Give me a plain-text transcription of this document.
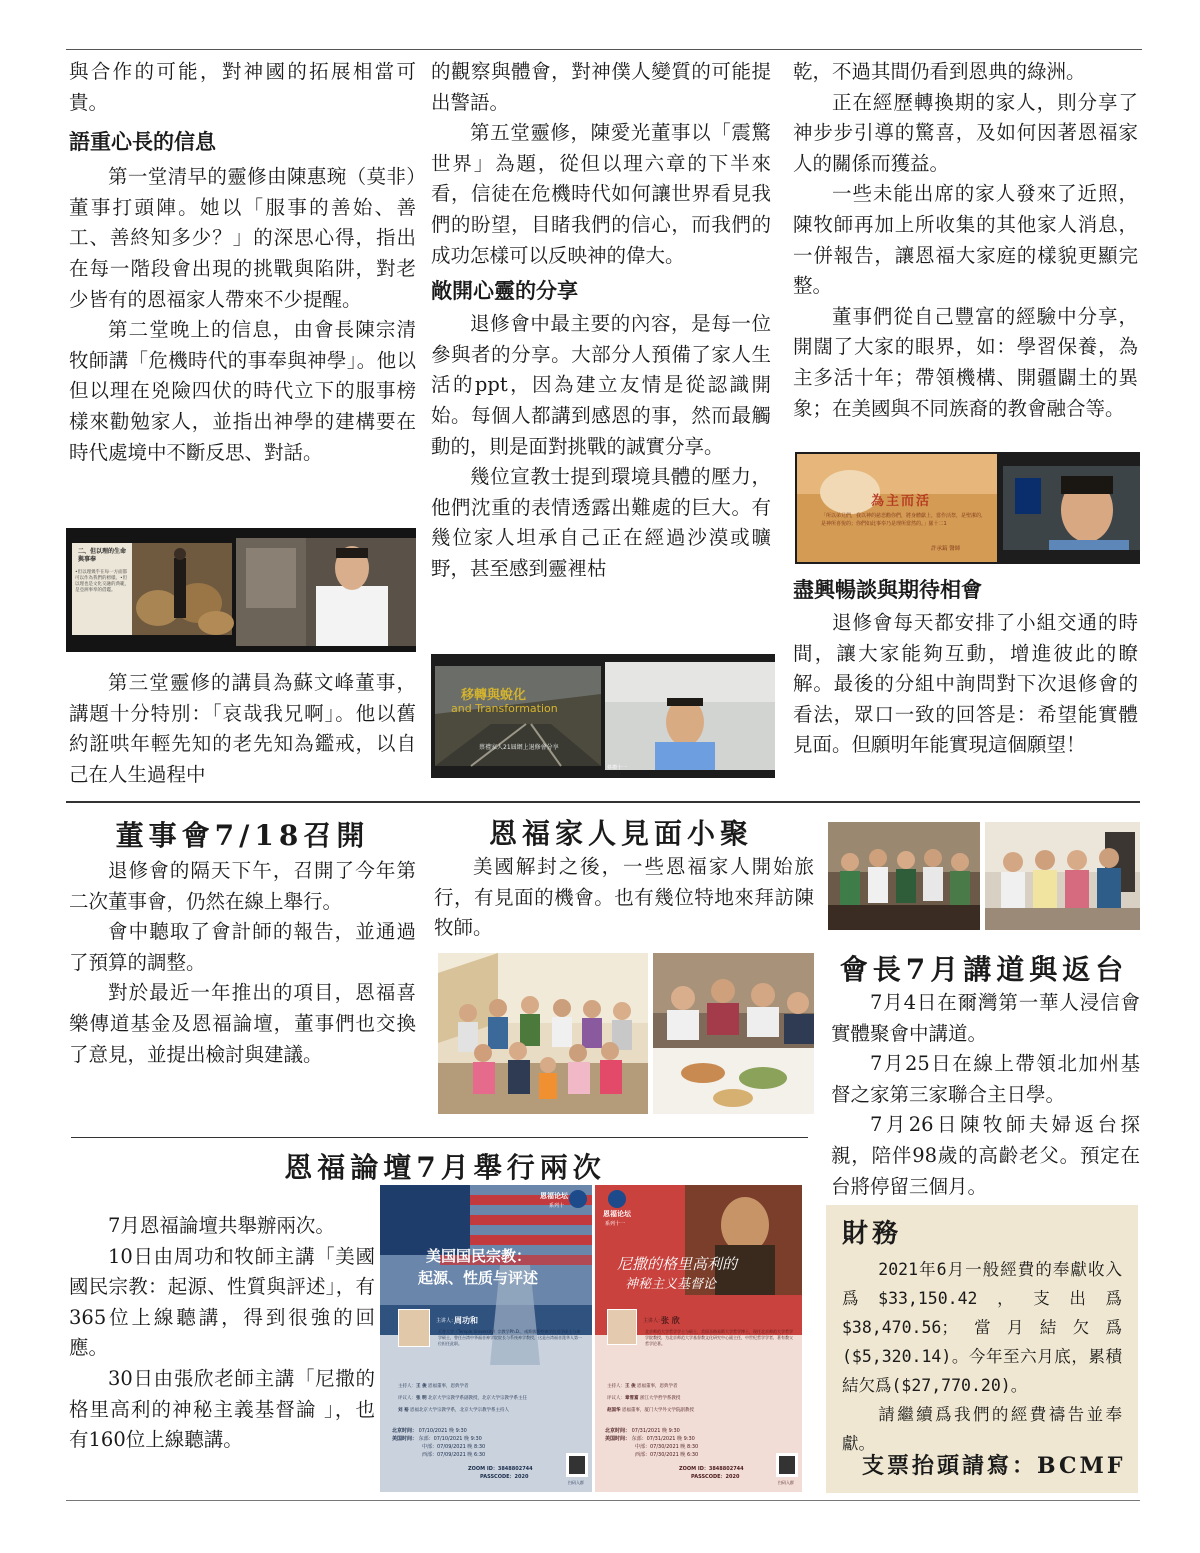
與合作的可能，對神國的拓展相當可貴。

語重心長的信息

第一堂清早的靈修由陳惠琬（莫非）董事打頭陣。她以「服事的善始、善工、善終知多少？」的深思心得，指出在每一階段會出現的挑戰與陷阱，對老少皆有的恩福家人帶來不少提醒。

第二堂晚上的信息，由會長陳宗清牧師講「危機時代的事奉與神學」。他以但以理在兇險四伏的時代立下的服事榜樣來勸勉家人，並指出神學的建構要在時代處境中不斷反思、對話。

二、但以理的生命與事奉
•但以理幾乎在每一方面都可以作為我們的榜樣。•但以理也是文化交融的典範，是亞洲事奉的借鑑。

第三堂靈修的講員為蘇文峰董事，講題十分特別：「哀哉我兄啊」。他以舊約誑哄年輕先知的老先知為鑑戒，以自己在人生過程中

的觀察與體會，對神僕人變質的可能提出警語。

第五堂靈修，陳愛光董事以「震驚世界」為題，從但以理六章的下半來看，信徒在危機時代如何讓世界看見我們的盼望，目睹我們的信心，而我們的成功怎樣可以反映神的偉大。

敞開心靈的分享

退修會中最主要的內容，是每一位參與者的分享。大部分人預備了家人生活的ppt，因為建立友情是從認識開始。每個人都講到感恩的事，然而最觸動的，則是面對挑戰的誠實分享。

幾位宣教士提到環境具體的壓力，他們沈重的表情透露出難處的巨大。有幾位家人坦承自己正在經過沙漠或曠野，甚至感到靈裡枯

移轉與蛻化
and Transformation
蔡禮家人21屆網上退修會分享
蔡禮十一

乾，不過其間仍看到恩典的綠洲。

正在經歷轉換期的家人，則分享了神步步引導的驚喜，及如何因著恩福家人的關係而獲益。

一些未能出席的家人發來了近照，陳牧師再加上所收集的其他家人消息，一併報告，讓恩福大家庭的樣貌更顯完整。

董事們從自己豐富的經驗中分享，開闊了大家的眼界，如：學習保養，為主多活十年；帶領機構、開疆闢土的異象；在美國與不同族裔的教會融合等。

為主而活
「所以弟兄們，我以神的慈悲勸你們，將身體獻上，當作活祭，是聖潔的，是神所喜悅的；你們如此事奉乃是理所當然的。」羅十二1
許承鎬 醫師
盡興暢談與期待相會

退修會每天都安排了小組交通的時間，讓大家能夠互動，增進彼此的瞭解。最後的分組中詢問對下次退修會的看法，眾口一致的回答是：希望能實體見面。但願明年能實現這個願望！

董事會7/18召開

退修會的隔天下午，召開了今年第二次董事會，仍然在線上舉行。

會中聽取了會計師的報告，並通過了預算的調整。

對於最近一年推出的項目，恩福喜樂傳道基金及恩福論壇，董事們也交換了意見，並提出檢討與建議。

恩福家人見面小聚

美國解封之後，一些恩福家人開始旅行，有見面的機會。也有幾位特地來拜訪陳牧師。

會長7月講道與返台

7月4日在爾灣第一華人浸信會實體聚會中講道。

7月25日在線上帶領北加州基督之家第三家聯合主日學。

7月26日陳牧師夫婦返台探親，陪伴98歲的高齡老父。預定在台將停留三個月。

恩福論壇7月舉行兩次

7月恩福論壇共舉辦兩次。

10日由周功和牧師主講「美國國民宗教：起源、性質與評述」，有365位上線聽講，得到很強的回應。

30日由張欣老師主講「尼撒的格里高利的神秘主義基督論 」，也有160位上線聽講。

恩福论坛
系列十
美国国民宗教：
起源、性质与评述
主讲人：
周功和
天普大学（Temple University）宗教学Ph.D.，威斯敏斯特神学院道学硕士与神学硕士，曾任台湾中华福音神学院院长与系统神学教授，这是台湾福音派华人第一位担任此职。
主持人：王 俊 恩福董事，恩典学者
评议人：张 明 北京大学宗教学系副教授，北京大学宗教学系主任
刘 裕 恩福北京大学宗教学系，北京大学宗教学系主持人
北京时间： 07/10/2021 晚 9:30
美国时间： 东部：07/10/2021 晚 9:30
中部：07/09/2021 晚 8:30
西部：07/09/2021 晚 6:30
ZOOM ID：3848802744
PASSCODE：2020
扫码入群
恩福论坛
系列十一
尼撒的格里高利的
神秘主义基督论
主讲人：
张 欣
北京师范大学哲学学士与硕士，美国圣路易斯大学哲学博士，现任北京师范大学哲学学院教授，为北京师范大学基督教文化研究中心副主任，中世纪哲学学者，著有教父哲学论著。
主持人：王 俊 恩福董事，恩典学者
评议人：章雪富 浙江大学哲学系教授
赵国华 恩福董事，厦门大学外文学院副教授
北京时间： 07/31/2021 晚 9:30
美国时间： 东部：07/31/2021 晚 9:30
中部：07/30/2021 晚 8:30
西部：07/30/2021 晚 6:30
ZOOM ID：3848802744
PASSCODE：2020
扫码入群
財務

2021年6月一般經費的奉獻收入爲$33,150.42，支出爲$38,470.56；當月結欠爲($5,320.14)。今年至六月底，累積結欠爲($27,770.20)。

請繼續爲我們的經費禱告並奉獻。

支票抬頭請寫：BCMF
